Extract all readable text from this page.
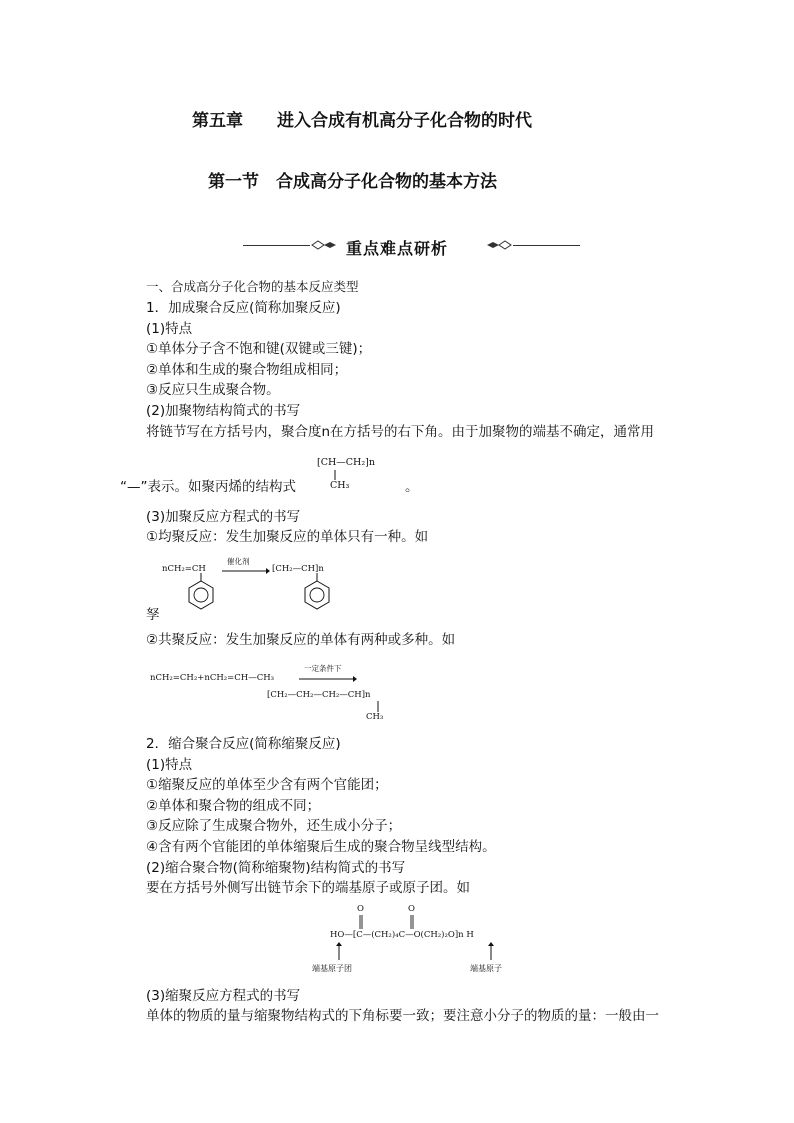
第五章　　进入合成有机高分子化合物的时代
第一节　合成高分子化合物的基本方法
重点难点研析
一、合成高分子化合物的基本反应类型
1．加成聚合反应(简称加聚反应)
(1)特点
①单体分子含不饱和键(双键或三键)；
②单体和生成的聚合物组成相同；
③反应只生成聚合物。
(2)加聚物结构简式的书写
将链节写在方括号内，聚合度n在方括号的右下角。由于加聚物的端基不确定，通常用
“—”表示。如聚丙烯的结构式
[CH—CH₂]n
CH₃	。
(3)加聚反应方程式的书写
①均聚反应：发生加聚反应的单体只有一种。如
nCH₂=CH
催化剂
[CH₂—CH]n
孥
②共聚反应：发生加聚反应的单体有两种或多种。如
nCH₂=CH₂+nCH₂=CH—CH₃
一定条件下
[CH₂—CH₂—CH₂—CH]n
CH₃
2．缩合聚合反应(简称缩聚反应)
(1)特点
①缩聚反应的单体至少含有两个官能团；
②单体和聚合物的组成不同；
③反应除了生成聚合物外，还生成小分子；
④含有两个官能团的单体缩聚后生成的聚合物呈线型结构。
(2)缩合聚合物(简称缩聚物)结构简式的书写
要在方括号外侧写出链节余下的端基原子或原子团。如
O	O
HO—[C—(CH₂)₄C—O(CH₂)₂O]n H
端基原子团	端基原子
(3)缩聚反应方程式的书写
单体的物质的量与缩聚物结构式的下角标要一致；要注意小分子的物质的量：一般由一
